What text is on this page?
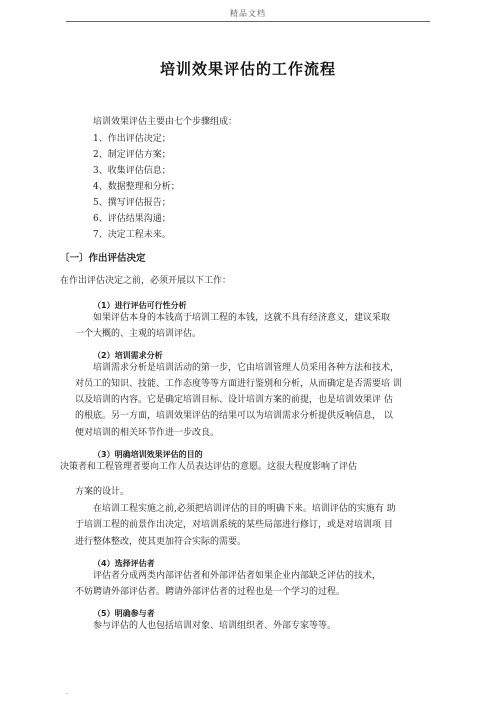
精品文档
培训效果评估的工作流程
培训效果评估主要由七个步骤组成：
1、作出评估决定；
2、制定评估方案；
3、收集评估信息；
4、数据整理和分析；
5、撰写评估报告；
6、评估结果沟通；
7、决定工程未来。
〔一〕作出评估决定
在作出评估决定之前，必须开展以下工作：
（1）进行评估可行性分析
如果评估本身的本钱高于培训工程的本钱，这就不具有经济意义，建议采取
一个大概的、主观的培训评估。
（2）培训需求分析
培训需求分析是培训活动的第一步，它由培训管理人员采用各种方法和技术，
对员工的知识、技能、工作态度等等方面进行鉴别和分析，从而确定是否需要培 训
以及培训的内容。它是确定培训目标、设计培训方案的前提，也是培训效果评 估
的根底。另一方面，培训效果评估的结果可以为培训需求分析提供反响信息， 以
便对培训的相关环节作进一步改良。
（3）明确培训效果评估的目的
决策者和工程管理者要向工作人员表达评估的意愿。这很大程度影响了评估
方案的设计。
在培训工程实施之前,必须把培训评估的目的明确下来。培训评估的实施有 助
于培训工程的前景作出决定，对培训系统的某些局部进行修订，或是对培训项 目
进行整体整改，使其更加符合实际的需要。
（4）选择评估者
评估者分成两类内部评估者和外部评估者如果企业内部缺乏评估的技术，
不妨聘请外部评估者。聘请外部评估者的过程也是一个学习的过程。
（5）明确参与者
参与评估的人也包括培训对象、培训组织者、外部专家等等。
.
